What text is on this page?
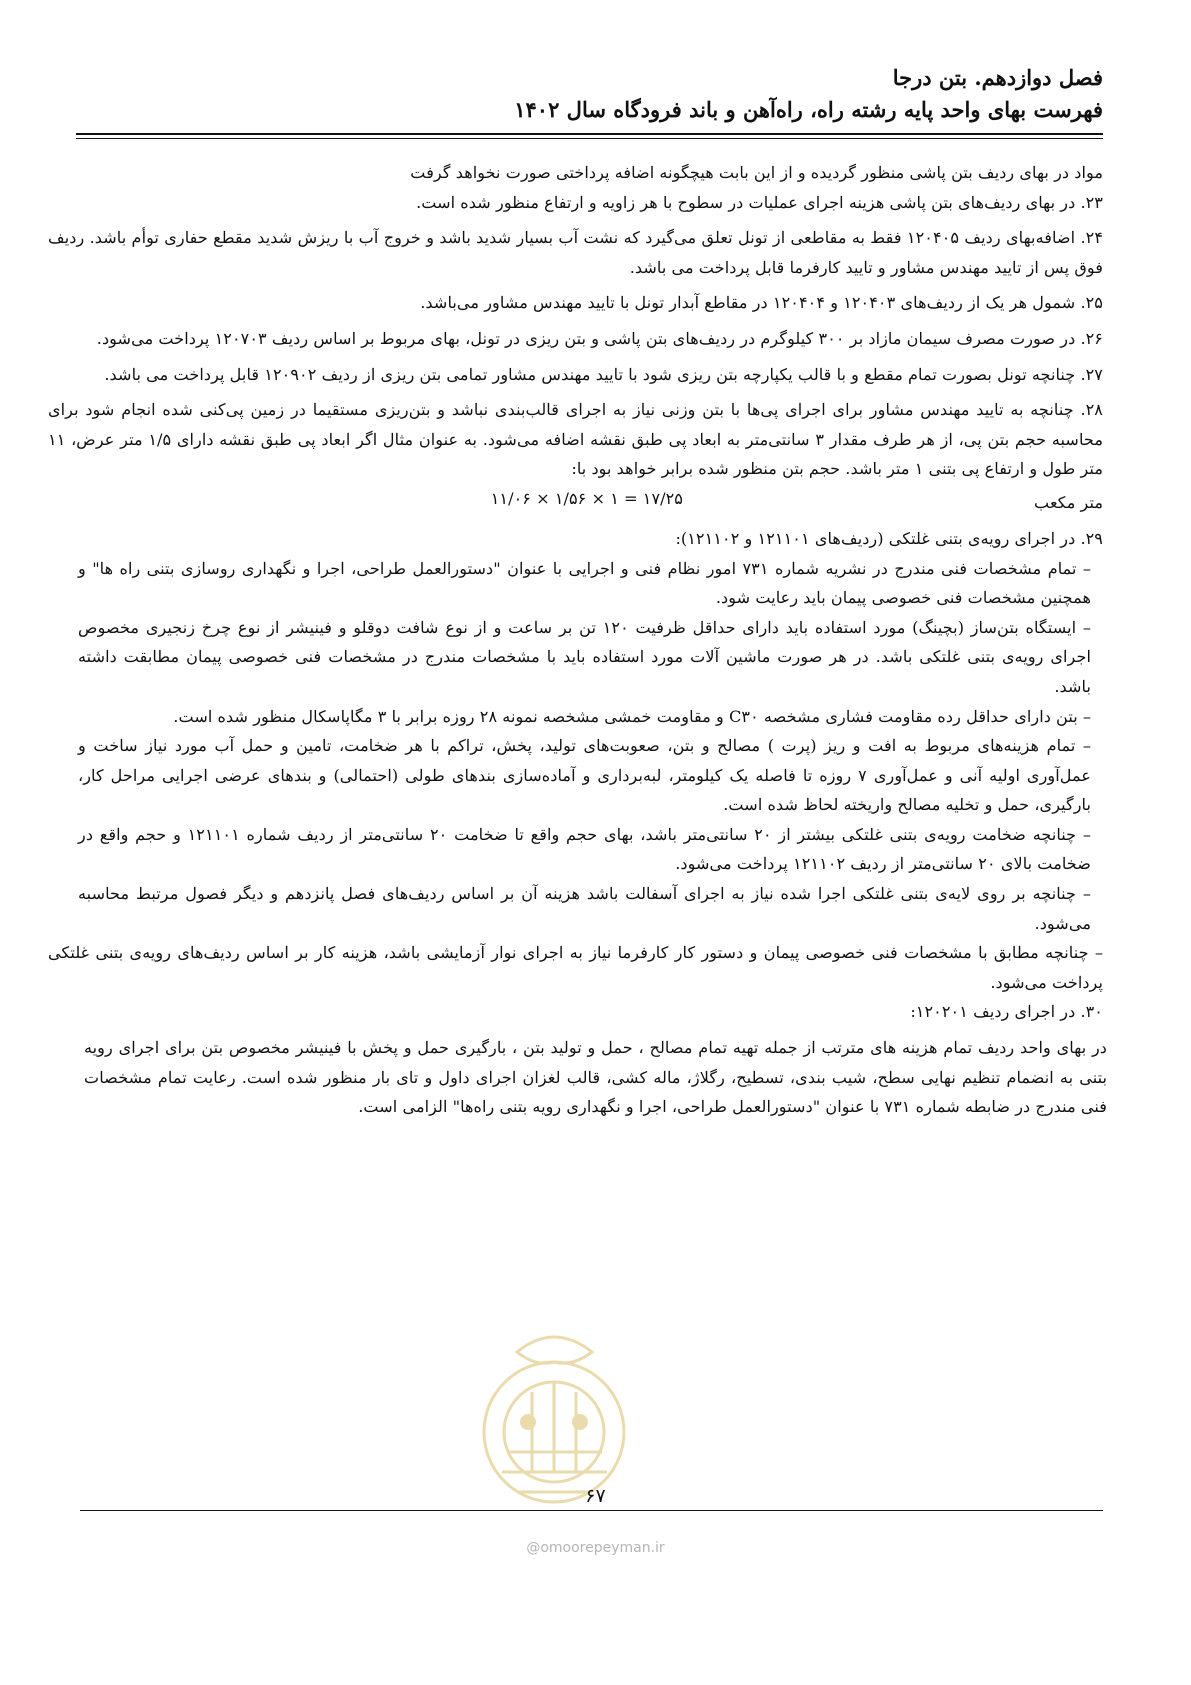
فصل دوازدهم. بتن درجا
فهرست بهای واحد پایه رشته راه، راه‌آهن و باند فرودگاه سال ۱۴۰۲

مواد در بهای ردیف بتن پاشی منظور گردیده و از این بابت هیچگونه اضافه پرداختی صورت نخواهد گرفت

۲۳. در بهای ردیف‌های بتن پاشی هزینه اجرای عملیات در سطوح با هر زاویه و ارتفاع منظور شده است.

۲۴. اضافه‌بهای ردیف ۱۲۰۴۰۵ فقط به مقاطعی از تونل تعلق می‌گیرد که نشت آب بسیار شدید باشد و خروج آب با ریزش شدید مقطع حفاری توأم باشد. ردیف فوق پس از تایید مهندس مشاور و تایید کارفرما قابل پرداخت می باشد.

۲۵. شمول هر یک از ردیف‌های ۱۲۰۴۰۳ و ۱۲۰۴۰۴ در مقاطع آبدار تونل با تایید مهندس مشاور می‌باشد.

۲۶. در صورت مصرف سیمان مازاد بر ۳۰۰ کیلوگرم در ردیف‌های بتن پاشی و بتن ریزی در تونل، بهای مربوط بر اساس ردیف ۱۲۰۷۰۳ پرداخت می‌شود.

۲۷. چنانچه تونل بصورت تمام مقطع و با قالب یکپارچه بتن ریزی شود با تایید مهندس مشاور تمامی بتن ریزی از ردیف ۱۲۰۹۰۲ قابل پرداخت می باشد.

۲۸. چنانچه به تایید مهندس مشاور برای اجرای پی‌ها با بتن وزنی نیاز به اجرای قالب‌بندی نباشد و بتن‌ریزی مستقیما در زمین پی‌کنی شده انجام شود برای محاسبه حجم بتن پی، از هر طرف مقدار ۳ سانتی‌متر به ابعاد پی طبق نقشه اضافه می‌شود. به عنوان مثال اگر ابعاد پی طبق نقشه دارای ۱/۵ متر عرض، ۱۱ متر طول و ارتفاع پی بتنی ۱ متر باشد. حجم بتن منظور شده برابر خواهد بود با:

متر مکعب
۱۱/۰۶ × ۱/۵۶ × ۱ = ۱۷/۲۵

۲۹. در اجرای رویه‌ی بتنی غلتکی (ردیف‌های ۱۲۱۱۰۱ و ۱۲۱۱۰۲):

– تمام مشخصات فنی مندرج در نشریه شماره ۷۳۱ امور نظام فنی و اجرایی با عنوان "دستورالعمل طراحی، اجرا و نگهداری روسازی بتنی راه ها" و همچنین مشخصات فنی خصوصی پیمان باید رعایت شود.

– ایستگاه بتن‌ساز (بچینگ) مورد استفاده باید دارای حداقل ظرفیت ۱۲۰ تن بر ساعت و از نوع شافت دوقلو و فینیشر از نوع چرخ زنجیری مخصوص اجرای رویه‌ی بتنی غلتکی باشد. در هر صورت ماشین آلات مورد استفاده باید با مشخصات مندرج در مشخصات فنی خصوصی پیمان مطابقت داشته باشد.

– بتن دارای حداقل رده مقاومت فشاری مشخصه C۳۰ و مقاومت خمشی مشخصه نمونه ۲۸ روزه برابر با ۳ مگاپاسکال منظور شده است.

– تمام هزینه‌های مربوط به افت و ریز (پرت ) مصالح و بتن، صعوبت‌های تولید، پخش، تراکم با هر ضخامت، تامین و حمل آب مورد نیاز ساخت و عمل‌آوری اولیه آنی و عمل‌آوری ۷ روزه تا فاصله یک کیلومتر، لبه‌برداری و آماده‌سازی بندهای طولی (احتمالی) و بندهای عرضی اجرایی مراحل کار، بارگیری، حمل و تخلیه مصالح واریخته لحاظ شده است.

– چنانچه ضخامت رویه‌ی بتنی غلتکی بیشتر از ۲۰ سانتی‌متر باشد، بهای حجم واقع تا ضخامت ۲۰ سانتی‌متر از ردیف شماره ۱۲۱۱۰۱ و حجم واقع در ضخامت بالای ۲۰ سانتی‌متر از ردیف ۱۲۱۱۰۲ پرداخت می‌شود.

– چنانچه بر روی لایه‌ی بتنی غلتکی اجرا شده نیاز به اجرای آسفالت باشد هزینه آن بر اساس ردیف‌های فصل پانزدهم و دیگر فصول مرتبط محاسبه می‌شود.

– چنانچه مطابق با مشخصات فنی خصوصی پیمان و دستور کار کارفرما نیاز به اجرای نوار آزمایشی باشد، هزینه کار بر اساس ردیف‌های رویه‌ی بتنی غلتکی پرداخت می‌شود.

۳۰. در اجرای ردیف ۱۲۰۲۰۱:

در بهای واحد ردیف تمام هزینه های مترتب از جمله تهیه تمام مصالح ، حمل و تولید بتن ، بارگیری حمل و پخش با فینیشر مخصوص بتن برای اجرای رویه بتنی به انضمام تنظیم نهایی سطح، شیب بندی، تسطیح، رگلاژ، ماله کشی، قالب لغزان اجرای داول و تای بار منظور شده است. رعایت تمام مشخصات فنی مندرج در ضابطه شماره ۷۳۱ با عنوان "دستورالعمل طراحی، اجرا و نگهداری رویه بتنی راه‌ها" الزامی است.

۶۷
@omoorepeyman.ir
